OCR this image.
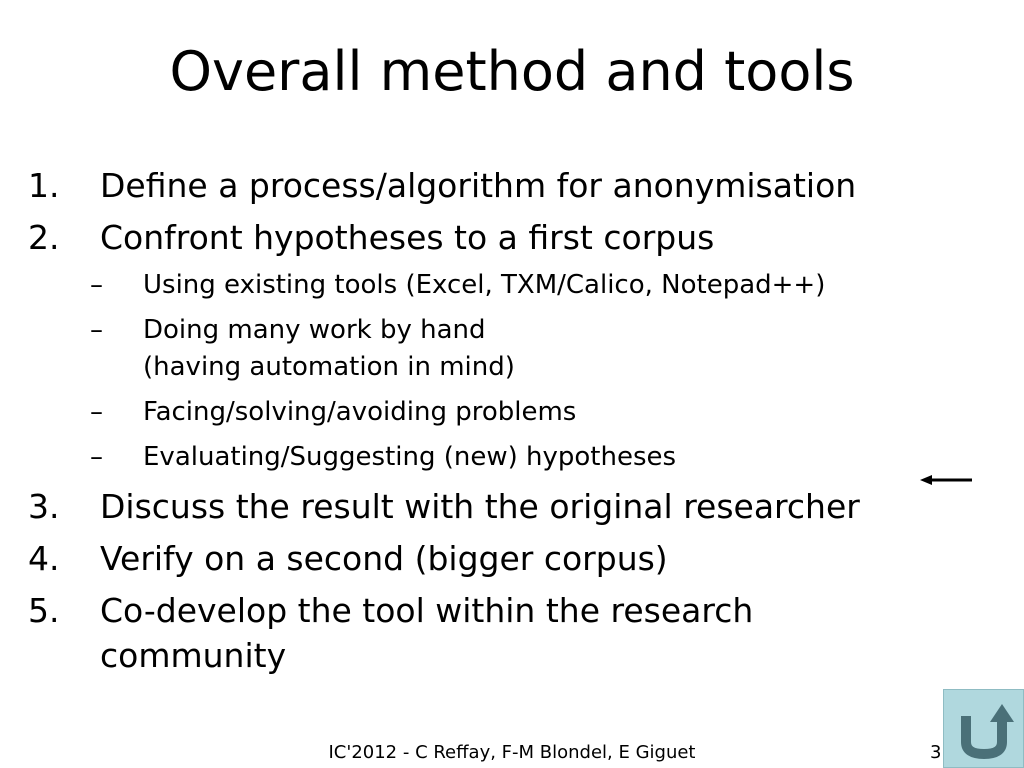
Overall method and tools
1. Define a process/algorithm for anonymisation
2. Confront hypotheses to a first corpus
– Using existing tools (Excel, TXM/Calico, Notepad++)
– Doing many work by hand
(having automation in mind)
– Facing/solving/avoiding problems
– Evaluating/Suggesting (new) hypotheses
3. Discuss the result with the original researcher
4. Verify on a second (bigger corpus)
5. Co-develop the tool within the research
community
IC'2012 - C Reffay, F-M Blondel, E Giguet	3
